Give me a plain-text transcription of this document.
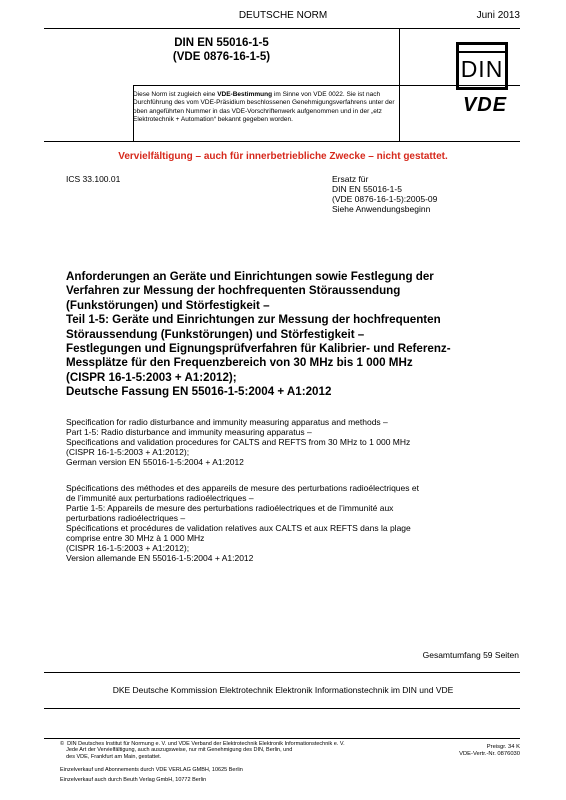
DEUTSCHE NORM	Juni 2013
DIN EN 55016-1-5
(VDE 0876-16-1-5)	DIN
Diese Norm ist zugleich eine VDE-Bestimmung im Sinne von VDE 0022. Sie ist nach Durchführung des vom VDE-Präsidium beschlossenen Genehmigungsverfahrens unter der oben angeführten Nummer in das VDE-Vorschriftenwerk aufgenommen und in der „etz Elektrotechnik + Automation“ bekannt gegeben worden.
VDE
Vervielfältigung – auch für innerbetriebliche Zwecke – nicht gestattet.
ICS 33.100.01	Ersatz für
DIN EN 55016-1-5
(VDE 0876-16-1-5):2005-09
Siehe Anwendungsbeginn
Anforderungen an Geräte und Einrichtungen sowie Festlegung der
Verfahren zur Messung der hochfrequenten Störaussendung
(Funkstörungen) und Störfestigkeit –
Teil 1-5: Geräte und Einrichtungen zur Messung der hochfrequenten
Störaussendung (Funkstörungen) und Störfestigkeit –
Festlegungen und Eignungsprüfverfahren für Kalibrier- und Referenz-
Messplätze für den Frequenzbereich von 30 MHz bis 1 000 MHz
(CISPR 16-1-5:2003 + A1:2012);
Deutsche Fassung EN 55016-1-5:2004 + A1:2012
Specification for radio disturbance and immunity measuring apparatus and methods –
Part 1-5: Radio disturbance and immunity measuring apparatus –
Specifications and validation procedures for CALTS and REFTS from 30 MHz to 1 000 MHz
(CISPR 16-1-5:2003 + A1:2012);
German version EN 55016-1-5:2004 + A1:2012
Spécifications des méthodes et des appareils de mesure des perturbations radioélectriques et
de l’immunité aux perturbations radioélectriques –
Partie 1-5: Appareils de mesure des perturbations radioélectriques et de l’immunité aux
perturbations radioélectriques –
Spécifications et procédures de validation relatives aux CALTS et aux REFTS dans la plage
comprise entre 30 MHz à 1 000 MHz
(CISPR 16-1-5:2003 + A1:2012);
Version allemande EN 55016-1-5:2004 + A1:2012
Gesamtumfang 59 Seiten
DKE Deutsche Kommission Elektrotechnik Elektronik Informationstechnik im DIN und VDE
©  DIN Deutsches Institut für Normung e. V. und VDE Verband der Elektrotechnik Elektronik Informationstechnik e. V.
Jede Art der Vervielfältigung, auch auszugsweise, nur mit Genehmigung des DIN, Berlin, und
des VDE, Frankfurt am Main, gestattet.
Einzelverkauf und Abonnements durch VDE VERLAG GMBH, 10625 Berlin
Einzelverkauf auch durch Beuth Verlag GmbH, 10772 Berlin
Preisgr. 34 K
VDE-Vertr.-Nr. 0876030
